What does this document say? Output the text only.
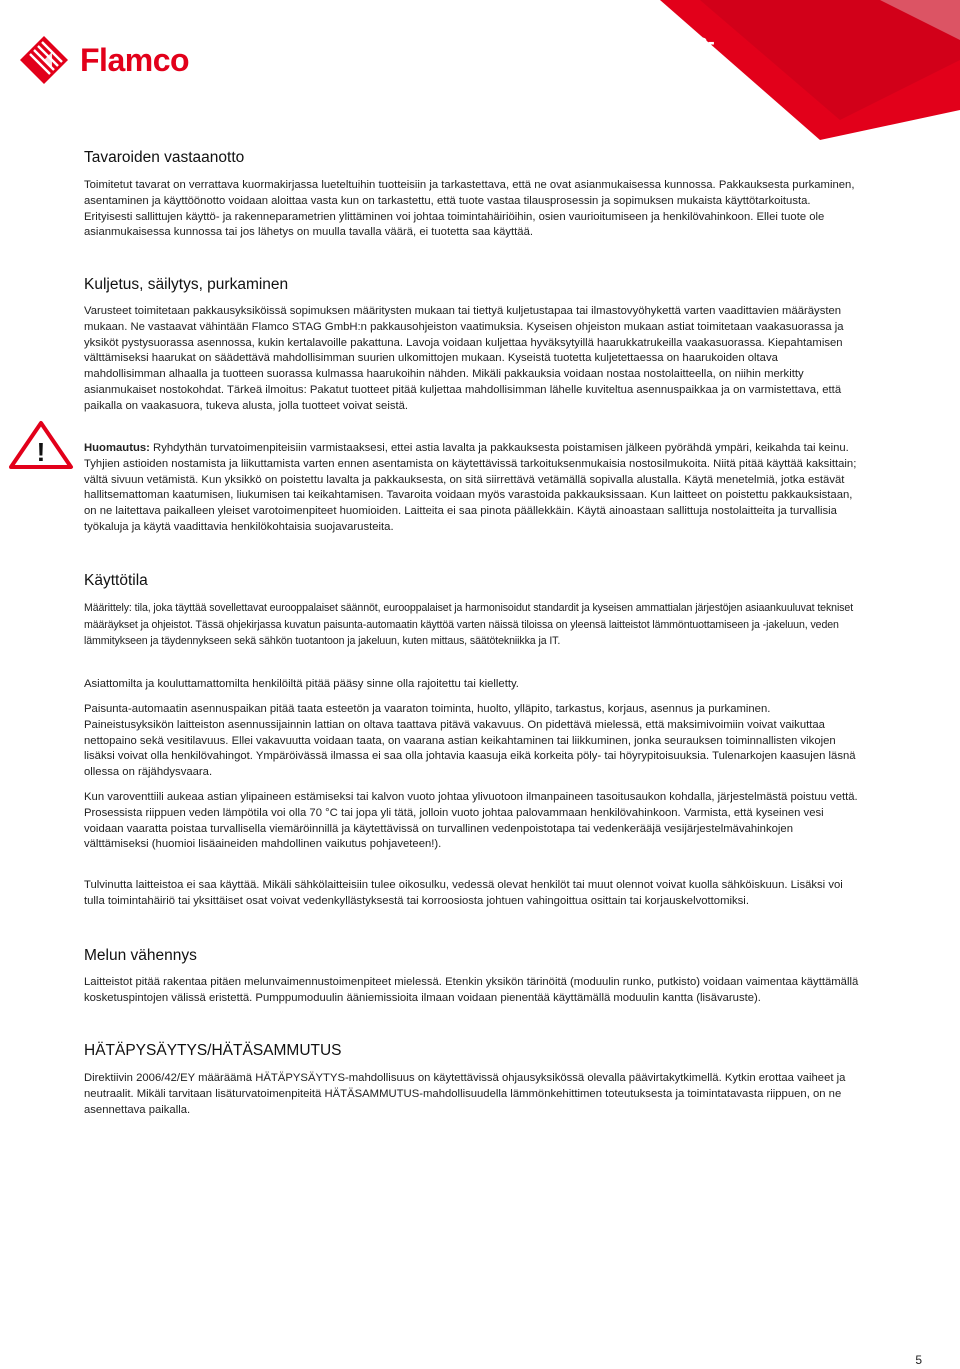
Flamco	Flamcomat® Asennus-
ja käyttöohjekirja
!
Tavaroiden vastaanotto

Toimitetut tavarat on verrattava kuormakirjassa lueteltuihin tuotteisiin ja tarkastettava, että ne ovat asianmukaisessa kunnossa. Pakkauksesta purkaminen, asentaminen ja käyttöönotto voidaan aloittaa vasta kun on tarkastettu, että tuote vastaa tilausprosessin ja sopimuksen mukaista käyttötarkoitusta. Erityisesti sallittujen käyttö- ja rakenneparametrien ylittäminen voi johtaa toimintahäiriöihin, osien vaurioitumiseen ja henkilövahinkoon. Ellei tuote ole asianmukaisessa kunnossa tai jos lähetys on muulla tavalla väärä, ei tuotetta saa käyttää.

Kuljetus, säilytys, purkaminen

Varusteet toimitetaan pakkausyksiköissä sopimuksen määritysten mukaan tai tiettyä kuljetustapaa tai ilmastovyöhykettä varten vaadittavien määräysten mukaan. Ne vastaavat vähintään Flamco STAG GmbH:n pakkausohjeiston vaatimuksia. Kyseisen ohjeiston mukaan astiat toimitetaan vaakasuorassa ja yksiköt pystysuorassa asennossa, kukin kertalavoille pakattuna. Lavoja voidaan kuljettaa hyväksytyillä haarukkatrukeilla vaakasuorassa. Kiepahtamisen välttämiseksi haarukat on säädettävä mahdollisimman suurien ulkomittojen mukaan. Kyseistä tuotetta kuljetettaessa on haarukoiden oltava mahdollisimman alhaalla ja tuotteen suorassa kulmassa haarukoihin nähden. Mikäli pakkauksia voidaan nostaa nostolaitteella, on niihin merkitty asianmukaiset nostokohdat. Tärkeä ilmoitus: Pakatut tuotteet pitää kuljettaa mahdollisimman lähelle kuviteltua asennuspaikkaa ja on varmistettava, että paikalla on vaakasuora, tukeva alusta, jolla tuotteet voivat seistä.

Huomautus: Ryhdythän turvatoimenpiteisiin varmistaaksesi, ettei astia lavalta ja pakkauksesta poistamisen jälkeen pyörähdä ympäri, keikahda tai keinu. Tyhjien astioiden nostamista ja liikuttamista varten ennen asentamista on käytettävissä tarkoituksenmukaisia nostosilmukoita. Niitä pitää käyttää kaksittain; vältä sivuun vetämistä. Kun yksikkö on poistettu lavalta ja pakkauksesta, on sitä siirrettävä vetämällä sopivalla alustalla. Käytä menetelmiä, jotka estävät hallitsemattoman kaatumisen, liukumisen tai keikahtamisen. Tavaroita voidaan myös varastoida pakkauksissaan. Kun laitteet on poistettu pakkauksistaan, on ne laitettava paikalleen yleiset varotoimenpiteet huomioiden. Laitteita ei saa pinota päällekkäin. Käytä ainoastaan sallittuja nostolaitteita ja turvallisia työkaluja ja käytä vaadittavia henkilökohtaisia suojavarusteita.

Käyttötila

Määrittely: tila, joka täyttää sovellettavat eurooppalaiset säännöt, eurooppalaiset ja harmonisoidut standardit ja kyseisen ammattialan järjestöjen asiaankuuluvat tekniset määräykset ja ohjeistot. Tässä ohjekirjassa kuvatun paisunta-automaatin käyttöä varten näissä tiloissa on yleensä laitteistot lämmöntuottamiseen ja -jakeluun, veden lämmitykseen ja täydennykseen sekä sähkön tuotantoon ja jakeluun, kuten mittaus, säätötekniikka ja IT.

Asiattomilta ja kouluttamattomilta henkilöiltä pitää pääsy sinne olla rajoitettu tai kielletty.

Paisunta-automaatin asennuspaikan pitää taata esteetön ja vaaraton toiminta, huolto, ylläpito, tarkastus, korjaus, asennus ja purkaminen. Paineistusyksikön laitteiston asennussijainnin lattian on oltava taattava pitävä vakavuus. On pidettävä mielessä, että maksimivoimiin voivat vaikuttaa nettopaino sekä vesitilavuus. Ellei vakavuutta voidaan taata, on vaarana astian keikahtaminen tai liikkuminen, jonka seurauksen toiminnallisten vikojen lisäksi voivat olla henkilövahingot. Ympäröivässä ilmassa ei saa olla johtavia kaasuja eikä korkeita pöly- tai höyrypitoisuuksia. Tulenarkojen kaasujen läsnä ollessa on räjähdysvaara.

Kun varoventtiili aukeaa astian ylipaineen estämiseksi tai kalvon vuoto johtaa ylivuotoon ilmanpaineen tasoitusaukon kohdalla, järjestelmästä poistuu vettä. Prosessista riippuen veden lämpötila voi olla 70 °C tai jopa yli tätä, jolloin vuoto johtaa palovammaan henkilövahinkoon. Varmista, että kyseinen vesi voidaan vaaratta poistaa turvallisella viemäröinnillä ja käytettävissä on turvallinen vedenpoistotapa tai vedenkerääjä vesijärjestelmävahinkojen välttämiseksi (huomioi lisäaineiden mahdollinen vaikutus pohjaveteen!).

Tulvinutta laitteistoa ei saa käyttää. Mikäli sähkölaitteisiin tulee oikosulku, vedessä olevat henkilöt tai muut olennot voivat kuolla sähköiskuun. Lisäksi voi tulla toimintahäiriö tai yksittäiset osat voivat vedenkyllästyksestä tai korroosiosta johtuen vahingoittua osittain tai korjauskelvottomiksi.

Melun vähennys

Laitteistot pitää rakentaa pitäen melunvaimennustoimenpiteet mielessä. Etenkin yksikön tärinöitä (moduulin runko, putkisto) voidaan vaimentaa käyttämällä kosketuspintojen välissä eristettä. Pumppumoduulin ääniemissioita ilmaan voidaan pienentää käyttämällä moduulin kantta (lisävaruste).

HÄTÄPYSÄYTYS/HÄTÄSAMMUTUS

Direktiivin 2006/42/EY määräämä HÄTÄPYSÄYTYS-mahdollisuus on käytettävissä ohjausyksikössä olevalla päävirtakytkimellä. Kytkin erottaa vaiheet ja neutraalit. Mikäli tarvitaan lisäturvatoimenpiteitä HÄTÄSAMMUTUS-mahdollisuudella lämmönkehittimen toteutuksesta ja toimintatavasta riippuen, on ne asennettava paikalla.

5
